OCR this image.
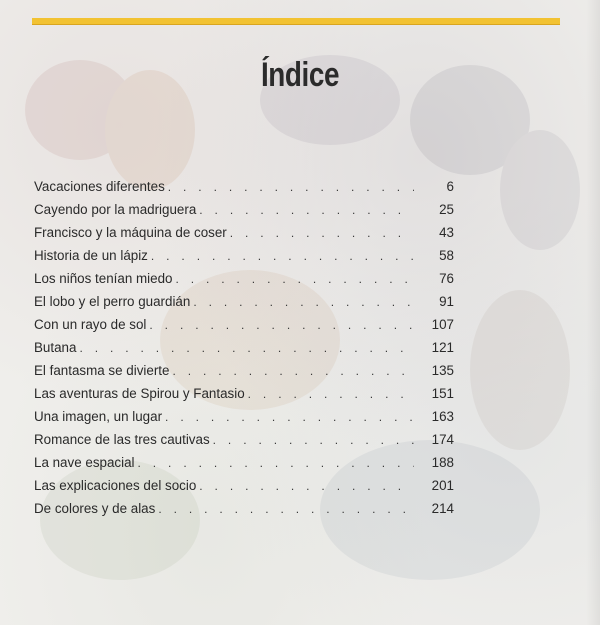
Índice
Vacaciones diferentes . . .	6
Cayendo por la madriguera . . .	25
Francisco y la máquina de coser . . .	43
Historia de un lápiz . . .	58
Los niños tenían miedo . . .	76
El lobo y el perro guardián . . .	91
Con un rayo de sol . . .	107
Butana . . .	121
El fantasma se divierte . . .	135
Las aventuras de Spirou y Fantasio . . .	151
Una imagen, un lugar . . .	163
Romance de las tres cautivas . . .	174
La nave espacial . . .	188
Las explicaciones del socio . . .	201
De colores y de alas . . .	214
